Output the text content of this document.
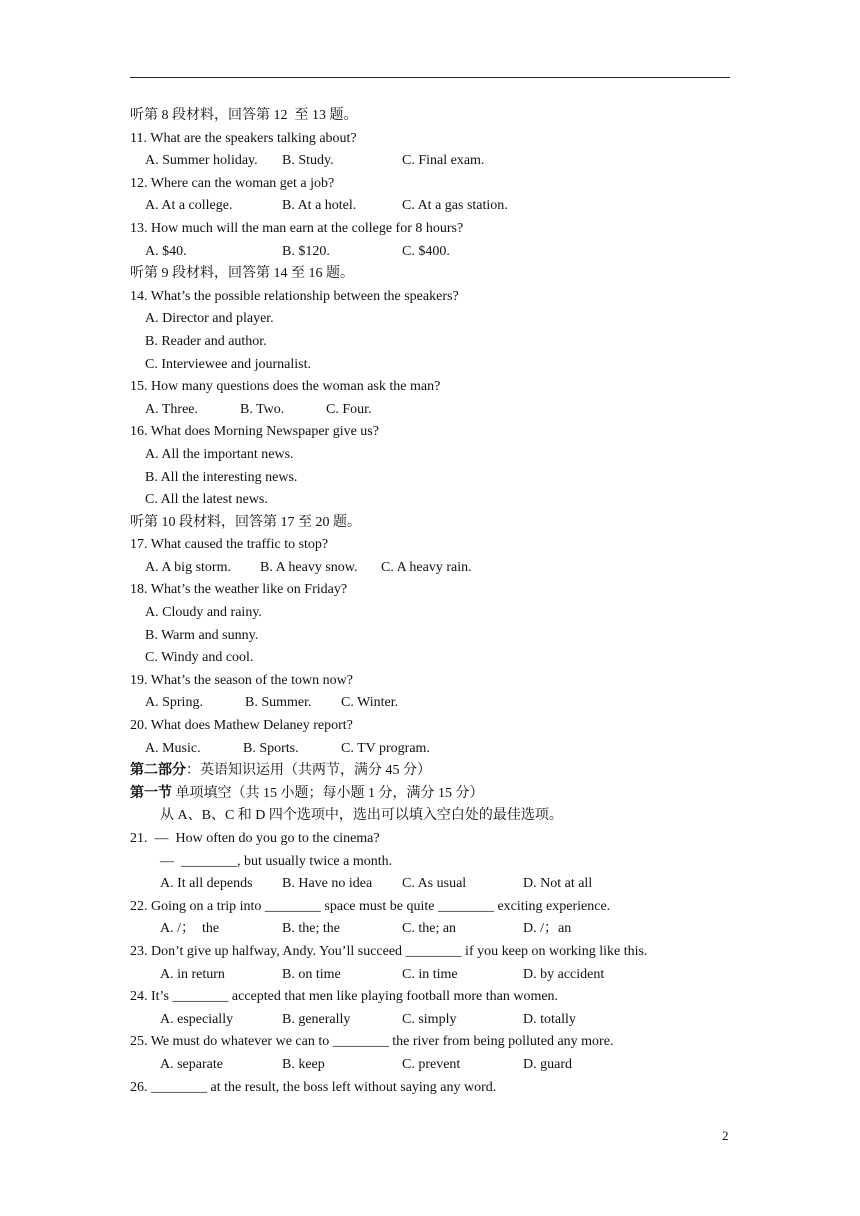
听第 8 段材料，回答第 12  至 13 题。
11. What are the speakers talking about?
A. Summer holiday. B. Study.	C. Final exam.
12. Where can the woman get a job?
A. At a college.	B. At a hotel.	C. At a gas station.
13. How much will the man earn at the college for 8 hours?
A. $40.	B. $120.	C. $400.
听第 9 段材料，回答第 14 至 16 题。
14. What’s the possible relationship between the speakers?
A. Director and player.
B. Reader and author.
C. Interviewee and journalist.
15. How many questions does the woman ask the man?
A. Three.	B. Two.	C. Four.
16. What does Morning Newspaper give us?
A. All the important news.
B. All the interesting news.
C. All the latest news.
听第 10 段材料，回答第 17 至 20 题。
17. What caused the traffic to stop?
A. A big storm. B. A heavy snow. C. A heavy rain.
18. What’s the weather like on Friday?
A. Cloudy and rainy.
B. Warm and sunny.
C. Windy and cool.
19. What’s the season of the town now?
A. Spring.	B. Summer. C. Winter.
20. What does Mathew Delaney report?
A. Music.	B. Sports.	C. TV program.
第二部分：英语知识运用（共两节，满分 45 分）
第一节 单项填空（共 15 小题；每小题 1 分，满分 15 分）
从 A、B、C 和 D 四个选项中，选出可以填入空白处的最佳选项。
21.  —  How often do you go to the cinema?
—  ________, but usually twice a month.
A. It all depends B. Have no idea C. As usual	D. Not at all
22. Going on a trip into ________ space must be quite ________ exciting experience.
A. /；  the	B. the; the	C. the; an	D. /；an
23. Don’t give up halfway, Andy. You’ll succeed ________ if you keep on working like this.
A. in return	B. on time	C. in time	D. by accident
24. It’s ________ accepted that men like playing football more than women.
A. especially	B. generally	C. simply	D. totally
25. We must do whatever we can to ________ the river from being polluted any more.
A. separate	B. keep	C. prevent	D. guard
26. ________ at the result, the boss left without saying any word.
2
